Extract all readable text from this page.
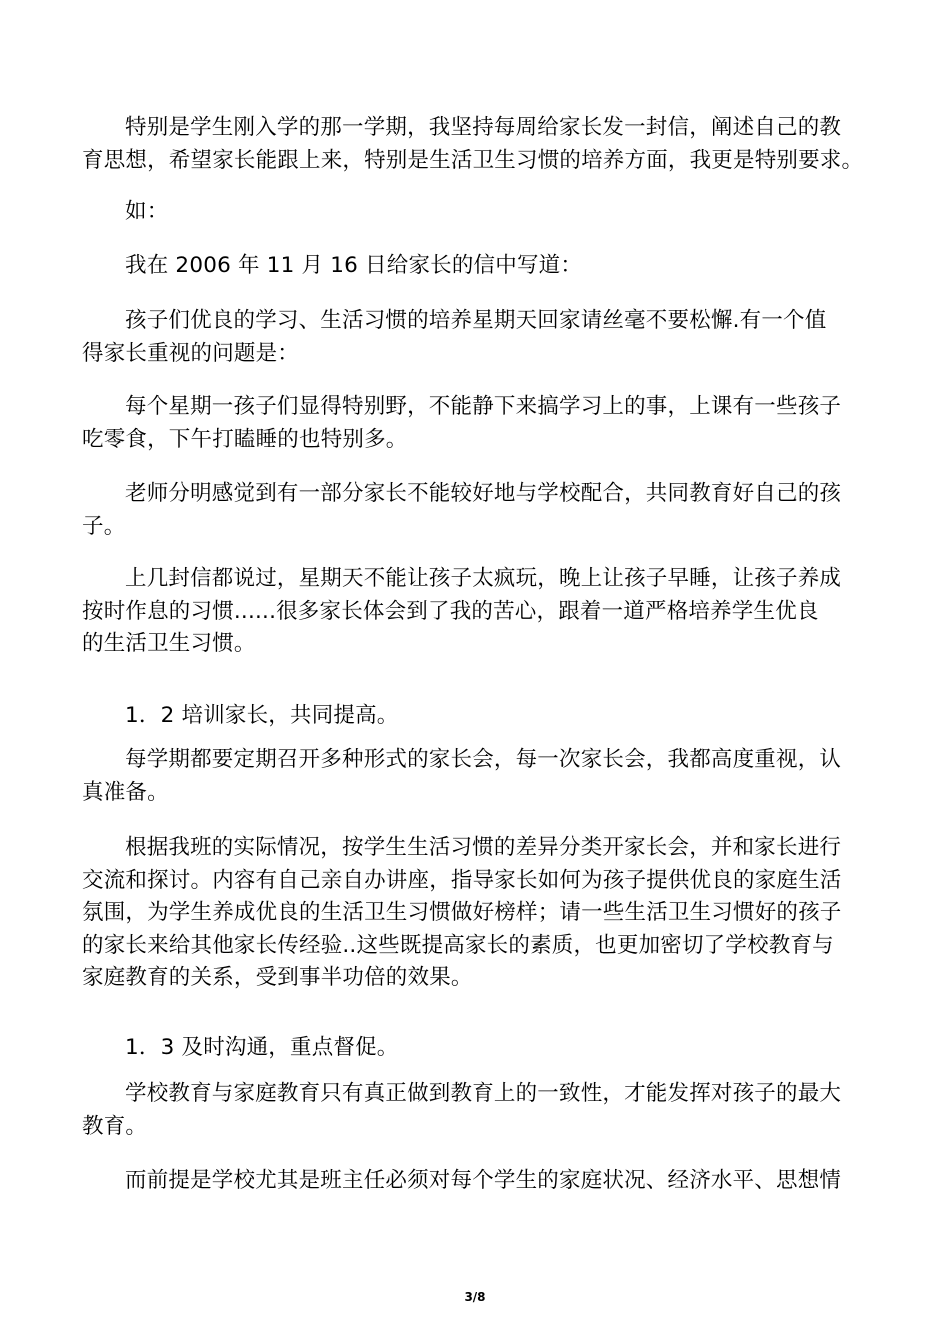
特别是学生刚入学的那一学期，我坚持每周给家长发一封信，阐述自己的教
育思想，希望家长能跟上来，特别是生活卫生习惯的培养方面，我更是特别要求。

如：

我在 2006 年 11 月 16 日给家长的信中写道：

孩子们优良的学习、生活习惯的培养星期天回家请丝毫不要松懈.有一个值
得家长重视的问题是：

每个星期一孩子们显得特别野，不能静下来搞学习上的事，上课有一些孩子
吃零食，下午打瞌睡的也特别多。

老师分明感觉到有一部分家长不能较好地与学校配合，共同教育好自己的孩
子。

上几封信都说过，星期天不能让孩子太疯玩，晚上让孩子早睡，让孩子养成
按时作息的习惯......很多家长体会到了我的苦心，跟着一道严格培养学生优良
的生活卫生习惯。

1．2 培训家长，共同提高。

每学期都要定期召开多种形式的家长会，每一次家长会，我都高度重视，认
真准备。

根据我班的实际情况，按学生生活习惯的差异分类开家长会，并和家长进行
交流和探讨。内容有自己亲自办讲座，指导家长如何为孩子提供优良的家庭生活
氛围，为学生养成优良的生活卫生习惯做好榜样；请一些生活卫生习惯好的孩子
的家长来给其他家长传经验..这些既提高家长的素质，也更加密切了学校教育与
家庭教育的关系，受到事半功倍的效果。

1．3 及时沟通，重点督促。

学校教育与家庭教育只有真正做到教育上的一致性，才能发挥对孩子的最大
教育。

而前提是学校尤其是班主任必须对每个学生的家庭状况、经济水平、思想情

3/8
